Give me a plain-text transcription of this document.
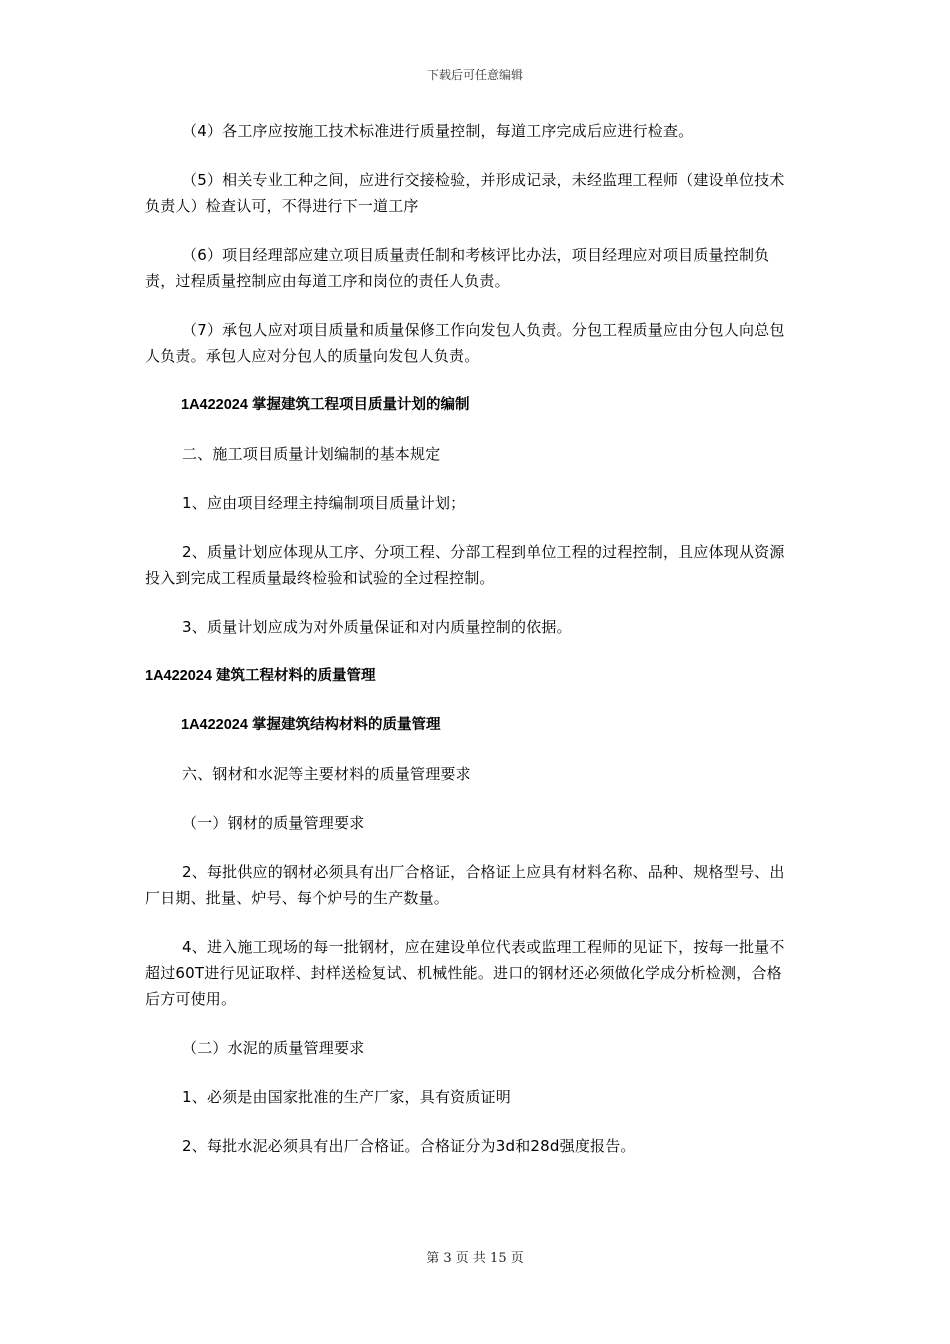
下载后可任意编辑

（4）各工序应按施工技术标准进行质量控制，每道工序完成后应进行检查。

（5）相关专业工种之间，应进行交接检验，并形成记录，未经监理工程师（建设单位技术负责人）检查认可，不得进行下一道工序

（6）项目经理部应建立项目质量责任制和考核评比办法，项目经理应对项目质量控制负责，过程质量控制应由每道工序和岗位的责任人负责。

（7）承包人应对项目质量和质量保修工作向发包人负责。分包工程质量应由分包人向总包人负责。承包人应对分包人的质量向发包人负责。

1A422024 掌握建筑工程项目质量计划的编制

二、施工项目质量计划编制的基本规定

1、应由项目经理主持编制项目质量计划；

2、质量计划应体现从工序、分项工程、分部工程到单位工程的过程控制，且应体现从资源投入到完成工程质量最终检验和试验的全过程控制。

3、质量计划应成为对外质量保证和对内质量控制的依据。

1A422024 建筑工程材料的质量管理
1A422024 掌握建筑结构材料的质量管理

六、钢材和水泥等主要材料的质量管理要求

（一）钢材的质量管理要求

2、每批供应的钢材必须具有出厂合格证，合格证上应具有材料名称、品种、规格型号、出厂日期、批量、炉号、每个炉号的生产数量。

4、进入施工现场的每一批钢材，应在建设单位代表或监理工程师的见证下，按每一批量不超过60T进行见证取样、封样送检复试、机械性能。进口的钢材还必须做化学成分析检测，合格后方可使用。

（二）水泥的质量管理要求

1、必须是由国家批准的生产厂家，具有资质证明

2、每批水泥必须具有出厂合格证。合格证分为3d和28d强度报告。

第 3 页 共 15 页
